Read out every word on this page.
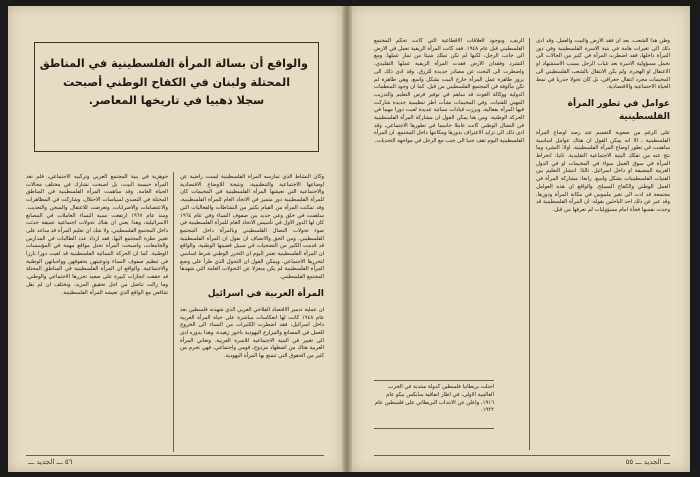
والواقع أن بسالة المرأة الفلسطينية في المناطق

المحتلة ولبنان في الكفاح الوطني أصبحت

سجلا ذهبيا في تاريخها المعاصر.

وكان النشاط الذي تمارسه المرأة الفلسطينية ليست راضية عن اوضاعها الاجتماعية والتنظيمية، ونتيجة للاوضاع الاقتصادية والاجتماعية التي تعيشها المرأة الفلسطينية في المخيمات كان للمرأة الفلسطينية دور متميز في الاتحاد العام للمرأة الفلسطينية، وقد تمكنت المرأة من القيام بكثير من النشاطات والفعاليات التي ساهمت في خلق وعي جديد بين صفوف النساء وفي عام ١٩٦٤ كان لها الدور الاول في تأسيس الاتحاد العام للمرأة الفلسطينية في ضوء تحولات النضال الفلسطيني وبالمرأة داخل المجتمع الفلسطيني. ومن الحق والانصاف ان نقول ان المرأة الفلسطينية قد قدمت الكثير من التضحيات في سبيل قضيتها الوطنية، والواقع ان المرأة الفلسطينية تعتبر اليوم ان التحرر الوطني شرط اساسي لتحررها الاجتماعي. ويمكن القول ان التحول الذي طرأ على وضع المرأة الفلسطينية لم يكن منعزلا عن التحولات العامة التي شهدها المجتمع الفلسطيني.

المرأة العربية في اسرائيل

ان عملية تدمير الاقتصاد الفلاحي العربي الذي شهدته فلسطين بعد عام ١٩٤٨ كانت لها انعكاسات مباشرة على حياة المرأة العربية داخل اسرائيل، فقد اضطرت الكثيرات من النساء الى الخروج للعمل في المصانع والمزارع اليهودية باجور زهيدة، وهذا بدوره ادى الى تغيير في البنية الاجتماعية للاسرة العربية. وتعاني المرأة العربية هناك من اضطهاد مزدوج، قومي واجتماعي، فهي تحرم من كثير من الحقوق التي تتمتع بها المرأة اليهودية.

جوهرية في بنية المجتمع العربي وتركيبه الاجتماعي، فلم تعد المرأة حبيسة البيت، بل اصبحت تشارك في مختلف مجالات الحياة العامة. وقد ساهمت المرأة الفلسطينية في المناطق المحتلة في التصدي لسياسات الاحتلال، وشاركت في المظاهرات والاعتصامات والاضرابات، وتعرضت للاعتقال والسجن والتعذيب. ومنذ عام ١٩٦٧ ارتفعت نسبة النساء العاملات في المصانع الاسرائيلية، وهذا يعني ان هناك تحولات اجتماعية عميقة حدثت داخل المجتمع الفلسطيني. ولا شك ان تعليم المرأة قد ساعد على تغيير نظرة المجتمع اليها، فقد ازداد عدد الطالبات في المدارس والجامعات، واصبحت المرأة تحتل مواقع مهمة في المؤسسات الوطنية. كما ان الحركة النسائية الفلسطينية قد لعبت دورا بارزا في تنظيم صفوف النساء وتوعيتهن بحقوقهن وواجباتهن الوطنية والاجتماعية. والواقع ان المرأة الفلسطينية في المناطق المحتلة قد حققت انجازات كبيرة على صعيد تحررها الاجتماعي والوطني، وما زالت تناضل من اجل تحقيق المزيد. وتختلف ان لم نقل تتناقض مع الواقع الذي تعيشه المرأة الفلسطينية.

٥٦ ـــ الجديد ـــ

وطن هذا الشعب، بعد ان فقد الارض والبيت والعمل. وقد ادى ذلك الى تغيرات هامة في بنية الاسرة الفلسطينية وفي دور المرأة داخلها، فقد اضطرت المرأة في كثير من الحالات الى تحمل مسؤولية الاسرة بعد غياب الرجل بسبب الاستشهاد او الاعتقال او الهجرة. ولم يكن الانتقال بالشعب الفلسطيني الى المخيمات مجرد انتقال جغرافي، بل كان تحولا جذريا في نمط الحياة الاجتماعية والاقتصادية.

عوامل في تطور المرأة الفلسطينية

على الرغم من صعوبة التعميم عند رصد اوضاع المرأة الفلسطينية ، الا انه يمكن القول ان هناك عوامل اساسية ساهمت في تطور اوضاع المرأة الفلسطينية. اولا: التشرد وما نتج عنه من تفكك البنية الاجتماعية التقليدية. ثانيا: انخراط المرأة في سوق العمل سواء في المخيمات او في الدول العربية المضيفة او داخل اسرائيل. ثالثا: انتشار التعليم بين الفتيات الفلسطينيات بشكل واسع. رابعا: مشاركة المرأة في العمل الوطني والكفاح المسلح. والواقع ان هذه العوامل مجتمعة قد ادت الى تغير ملموس في مكانة المرأة ودورها. وقد عبر عن ذلك احد الباحثين بقوله: ان المرأة الفلسطينية قد وجدت نفسها فجأة امام مسؤوليات لم تعرفها من قبل.

الريف، وبوجود العلاقات الاقطاعية التي كانت تحكم المجتمع الفلسطيني قبل عام ١٩٤٨. فقد كانت المرأة الريفية تعمل في الارض الى جانب الرجل، لكنها لم تكن تملك شيئا من ثمار عملها. ومع التشرد وفقدان الارض فقدت المرأة الريفية عملها التقليدي، واضطرت الى البحث عن مصادر جديدة للرزق. وقد ادى ذلك الى بروز ظاهرة عمل المرأة خارج البيت بشكل واسع، وهي ظاهرة لم تكن مألوفة في المجتمع الفلسطيني من قبل. كما ان وجود المنظمات الدولية ووكالة الغوث قد ساهم في توفير فرص التعليم والتدريب المهني للفتيات. وفي المخيمات نشأت اطر تنظيمية جديدة شاركت فيها المرأة بفعالية، وبرزت قيادات نسائية عديدة لعبت دورا مهما في الحركة الوطنية. ومن هنا يمكن القول ان مشاركة المرأة الفلسطينية في النضال الوطني كانت عاملا حاسما في تطورها الاجتماعي، وقد ادى ذلك الى تزايد الاعتراف بدورها ومكانتها داخل المجتمع. ان المرأة الفلسطينية اليوم تقف جنبا الى جنب مع الرجل في مواجهة التحديات.

ـــ الجديد ـــ ٥٥
احتلت بريطانيا فلسطين كدولة منتدبة في الحرب العالمية الاولى، في اطار اتفاقية سايكس بيكو عام ١٩١٦، واعلن عن الانتداب البريطاني على فلسطين عام ١٩٢٢.
